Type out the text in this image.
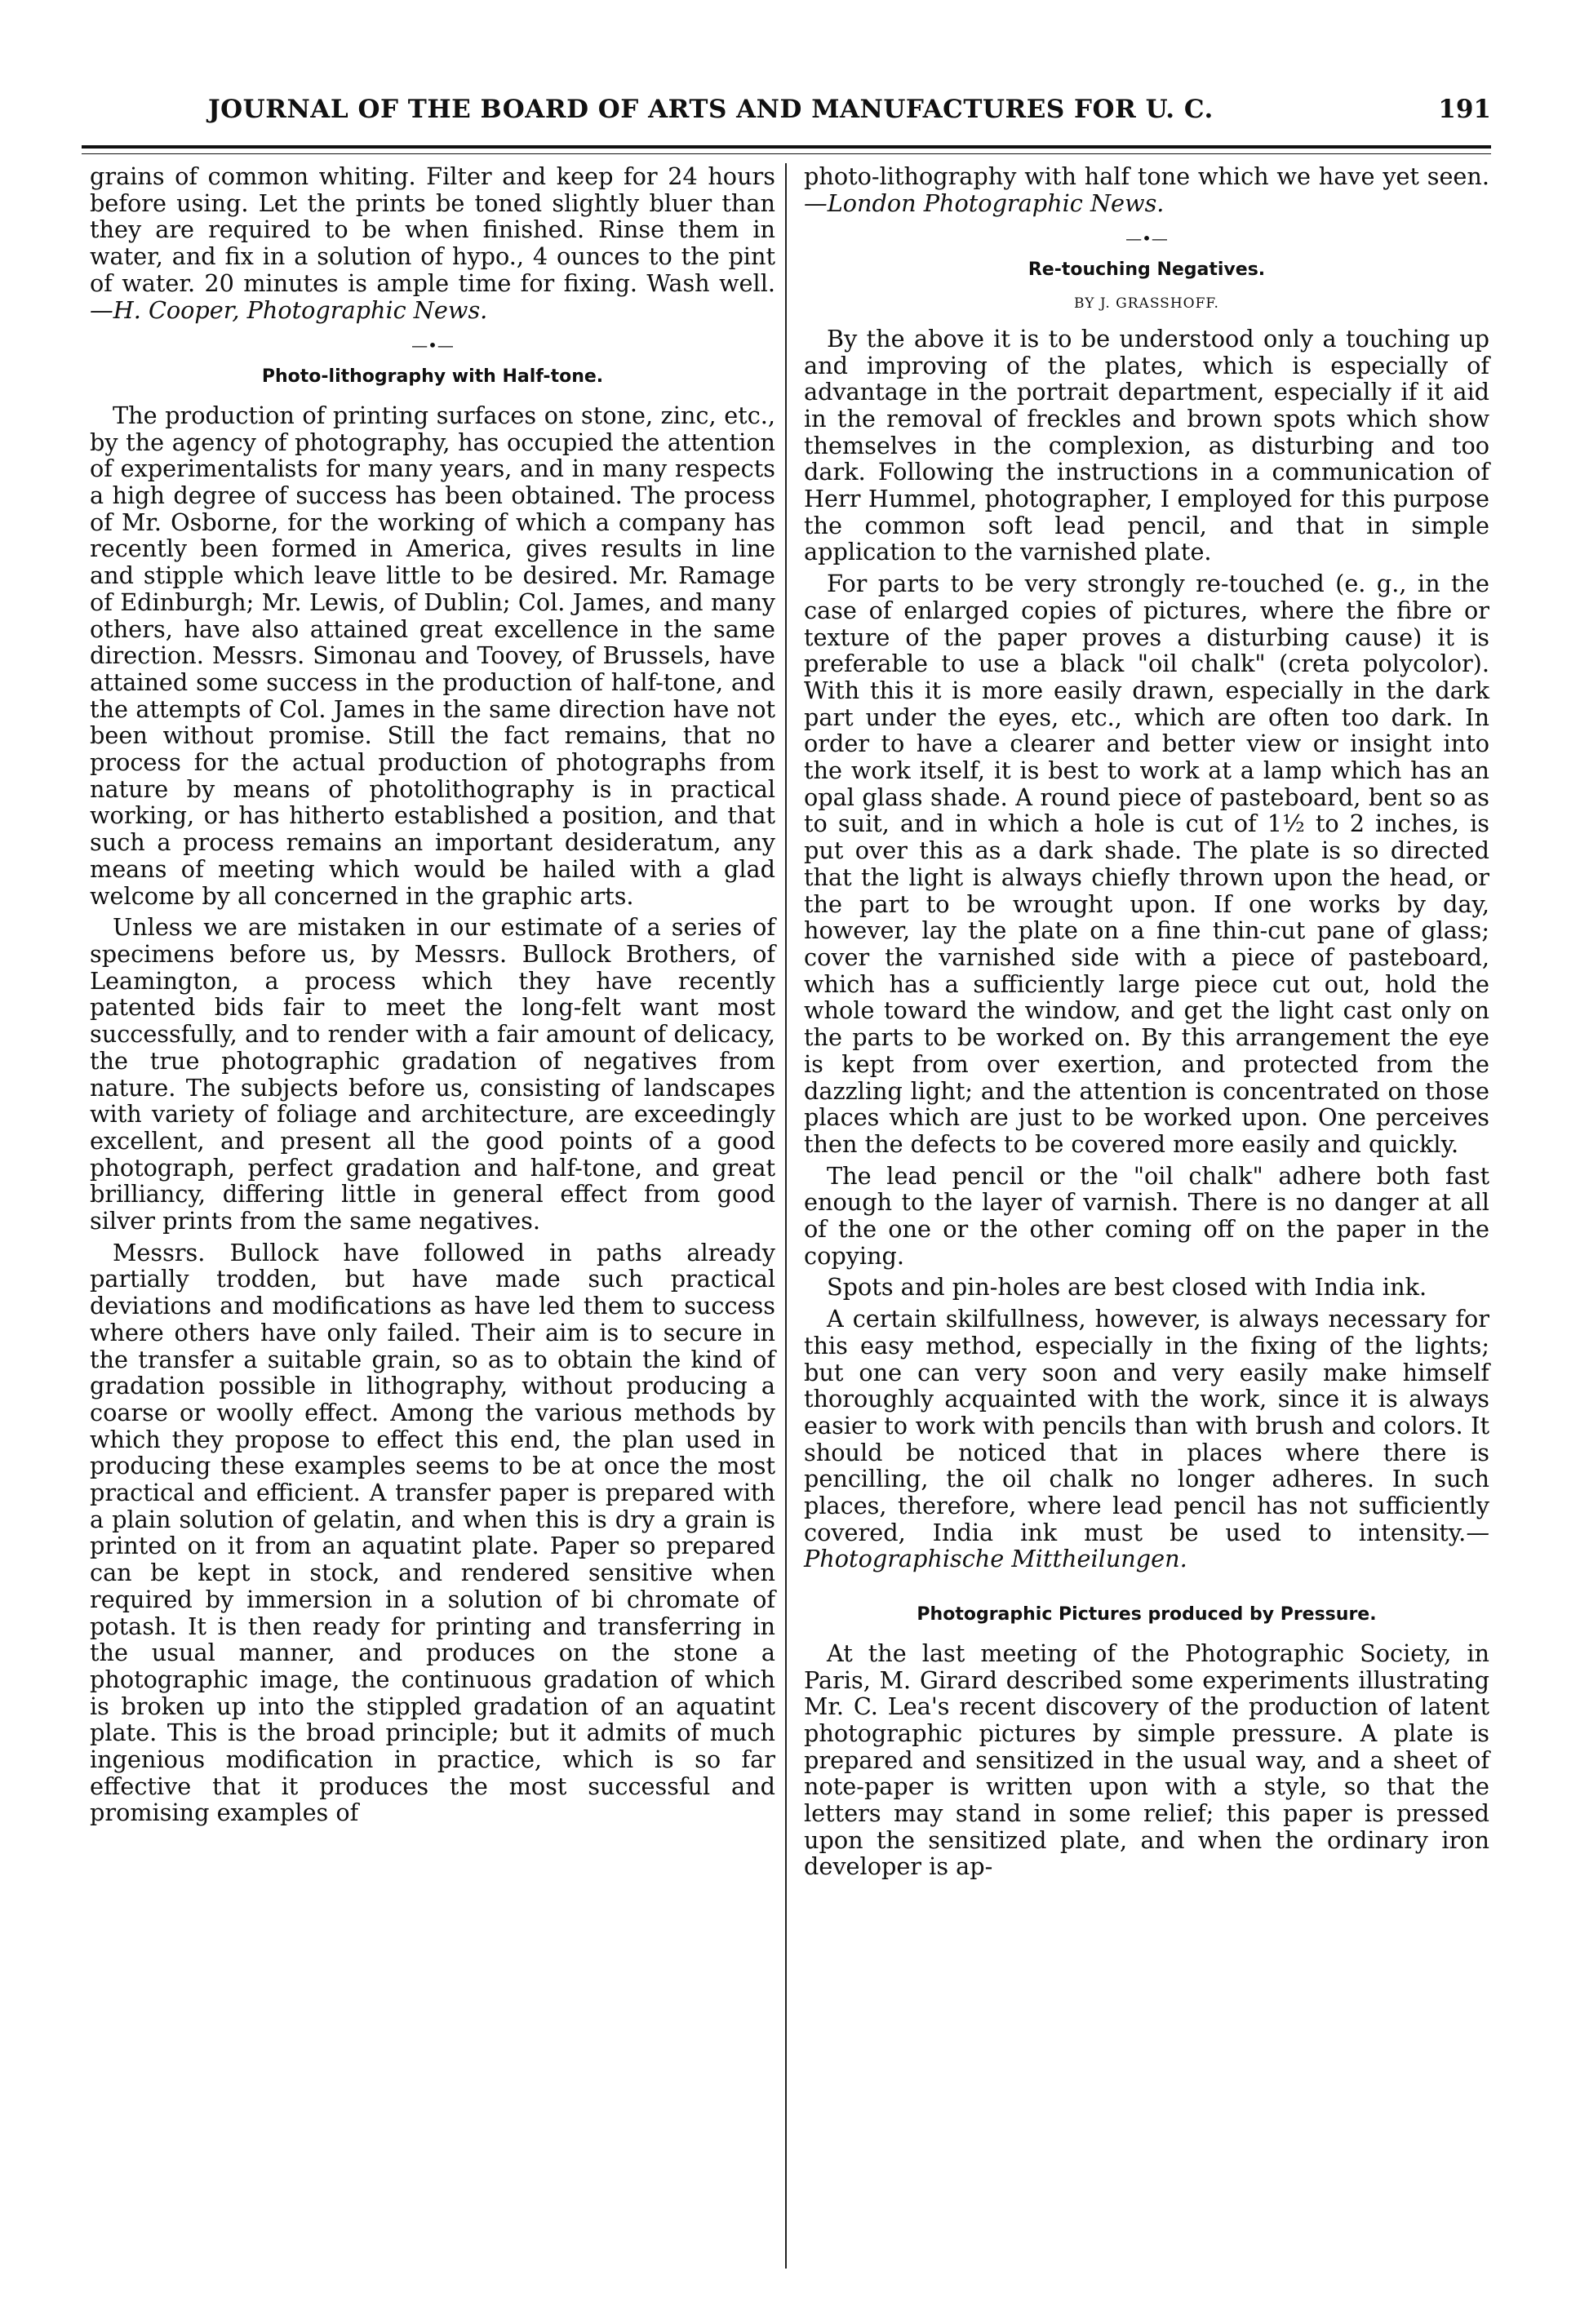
JOURNAL OF THE BOARD OF ARTS AND MANUFACTURES FOR U. C.	191

grains of common whiting. Filter and keep for 24 hours before using. Let the prints be toned slightly bluer than they are required to be when finished. Rinse them in water, and fix in a solution of hypo., 4 ounces to the pint of water. 20 minutes is ample time for fixing. Wash well.—H. Cooper, Photographic News.

—•—
Photo-lithography with Half-tone.

The production of printing surfaces on stone, zinc, etc., by the agency of photography, has occupied the attention of experimentalists for many years, and in many respects a high degree of success has been obtained. The process of Mr. Osborne, for the working of which a company has recently been formed in America, gives results in line and stipple which leave little to be desired. Mr. Ramage of Edinburgh; Mr. Lewis, of Dublin; Col. James, and many others, have also attained great excellence in the same direction. Messrs. Simonau and Toovey, of Brussels, have attained some success in the production of half-tone, and the attempts of Col. James in the same direction have not been without promise. Still the fact remains, that no process for the actual production of photographs from nature by means of photolithography is in practical working, or has hitherto established a position, and that such a process remains an important desideratum, any means of meeting which would be hailed with a glad welcome by all concerned in the graphic arts.

Unless we are mistaken in our estimate of a series of specimens before us, by Messrs. Bullock Brothers, of Leamington, a process which they have recently patented bids fair to meet the long-felt want most successfully, and to render with a fair amount of delicacy, the true photographic gradation of negatives from nature. The subjects before us, consisting of landscapes with variety of foliage and architecture, are exceedingly excellent, and present all the good points of a good photograph, perfect gradation and half-tone, and great brilliancy, differing little in general effect from good silver prints from the same negatives.

Messrs. Bullock have followed in paths already partially trodden, but have made such practical deviations and modifications as have led them to success where others have only failed. Their aim is to secure in the transfer a suitable grain, so as to obtain the kind of gradation possible in lithography, without producing a coarse or woolly effect. Among the various methods by which they propose to effect this end, the plan used in producing these examples seems to be at once the most practical and efficient. A transfer paper is prepared with a plain solution of gelatin, and when this is dry a grain is printed on it from an aquatint plate. Paper so prepared can be kept in stock, and rendered sensitive when required by immersion in a solution of bi chromate of potash. It is then ready for printing and transferring in the usual manner, and produces on the stone a photographic image, the continuous gradation of which is broken up into the stippled gradation of an aquatint plate. This is the broad principle; but it admits of much ingenious modification in practice, which is so far effective that it produces the most successful and promising examples of

photo-lithography with half tone which we have yet seen.—London Photographic News.

—•—
Re-touching Negatives.
BY J. GRASSHOFF.

By the above it is to be understood only a touching up and improving of the plates, which is especially of advantage in the portrait department, especially if it aid in the removal of freckles and brown spots which show themselves in the complexion, as disturbing and too dark. Following the instructions in a communication of Herr Hummel, photographer, I employed for this purpose the common soft lead pencil, and that in simple application to the varnished plate.

For parts to be very strongly re-touched (e. g., in the case of enlarged copies of pictures, where the fibre or texture of the paper proves a disturbing cause) it is preferable to use a black "oil chalk" (creta polycolor). With this it is more easily drawn, especially in the dark part under the eyes, etc., which are often too dark. In order to have a clearer and better view or insight into the work itself, it is best to work at a lamp which has an opal glass shade. A round piece of pasteboard, bent so as to suit, and in which a hole is cut of 1½ to 2 inches, is put over this as a dark shade. The plate is so directed that the light is always chiefly thrown upon the head, or the part to be wrought upon. If one works by day, however, lay the plate on a fine thin-cut pane of glass; cover the varnished side with a piece of pasteboard, which has a sufficiently large piece cut out, hold the whole toward the window, and get the light cast only on the parts to be worked on. By this arrangement the eye is kept from over exertion, and protected from the dazzling light; and the attention is concentrated on those places which are just to be worked upon. One perceives then the defects to be covered more easily and quickly.

The lead pencil or the "oil chalk" adhere both fast enough to the layer of varnish. There is no danger at all of the one or the other coming off on the paper in the copying.

Spots and pin-holes are best closed with India ink.

A certain skilfullness, however, is always necessary for this easy method, especially in the fixing of the lights; but one can very soon and very easily make himself thoroughly acquainted with the work, since it is always easier to work with pencils than with brush and colors. It should be noticed that in places where there is pencilling, the oil chalk no longer adheres. In such places, therefore, where lead pencil has not sufficiently covered, India ink must be used to intensity.—Photographische Mittheilungen.

Photographic Pictures produced by Pressure.

At the last meeting of the Photographic Society, in Paris, M. Girard described some experiments illustrating Mr. C. Lea's recent discovery of the production of latent photographic pictures by simple pressure. A plate is prepared and sensitized in the usual way, and a sheet of note-paper is written upon with a style, so that the letters may stand in some relief; this paper is pressed upon the sensitized plate, and when the ordinary iron developer is ap-
